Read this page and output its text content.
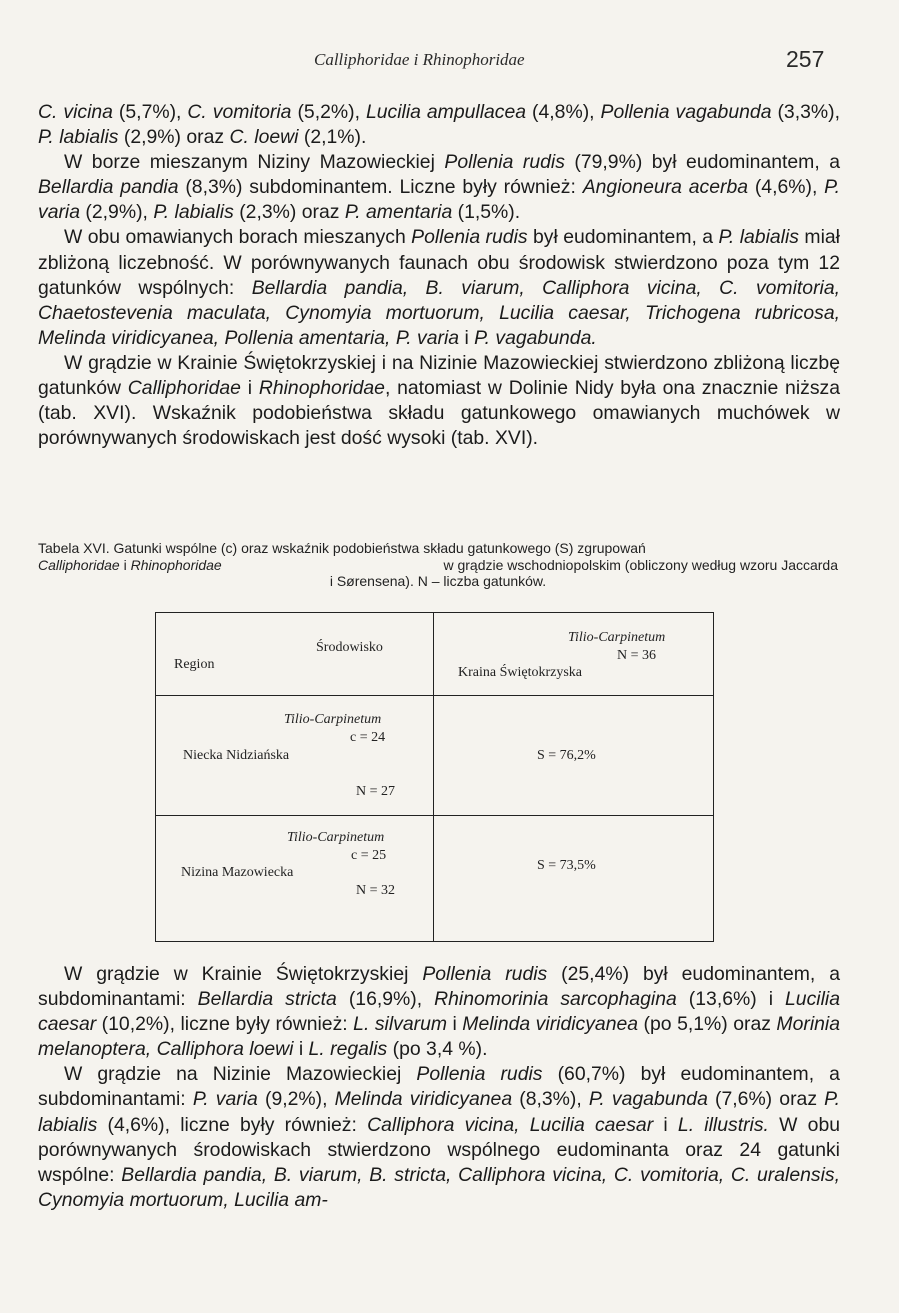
Calliphoridae i Rhinophoridae	257

C. vicina (5,7%), C. vomitoria (5,2%), Lucilia ampullacea (4,8%), Pollenia vagabunda (3,3%), P. labialis (2,9%) oraz C. loewi (2,1%).

W borze mieszanym Niziny Mazowieckiej Pollenia rudis (79,9%) był eudominantem, a Bellardia pandia (8,3%) subdominantem. Liczne były również: Angioneura acerba (4,6%), P. varia (2,9%), P. labialis (2,3%) oraz P. amentaria (1,5%).

W obu omawianych borach mieszanych Pollenia rudis był eudominantem, a P. labialis miał zbliżoną liczebność. W porównywanych faunach obu środowisk stwierdzono poza tym 12 gatunków wspólnych: Bellardia pandia, B. viarum, Calliphora vicina, C. vomitoria, Chaetostevenia maculata, Cynomyia mortuorum, Lucilia caesar, Trichogena rubricosa, Melinda viridicyanea, Pollenia amentaria, P. varia i P. vagabunda.

W grądzie w Krainie Świętokrzyskiej i na Nizinie Mazowieckiej stwierdzono zbliżoną liczbę gatunków Calliphoridae i Rhinophoridae, natomiast w Dolinie Nidy była ona znacznie niższa (tab. XVI). Wskaźnik podobieństwa składu gatunkowego omawianych muchówek w porównywanych środowiskach jest dość wysoki (tab. XVI).

Tabela XVI. Gatunki wspólne (c) oraz wskaźnik podobieństwa składu gatunkowego (S) zgrupowań
Calliphoridae i Rhinophoridae	w grądzie wschodniopolskim (obliczony według wzoru Jaccarda
i Sørensena). N – liczba gatunków.
Region
Środowisko
Tilio-Carpinetum
N = 36
Kraina Świętokrzyska
Tilio-Carpinetum
c = 24
Niecka Nidziańska
N = 27
S = 76,2%
Tilio-Carpinetum
c = 25
Nizina Mazowiecka
N = 32
S = 73,5%

W grądzie w Krainie Świętokrzyskiej Pollenia rudis (25,4%) był eudominantem, a subdominantami: Bellardia stricta (16,9%), Rhinomorinia sarcophagina (13,6%) i Lucilia caesar (10,2%), liczne były również: L. silvarum i Melinda viridicyanea (po 5,1%) oraz Morinia melanoptera, Calliphora loewi i L. regalis (po 3,4 %).

W grądzie na Nizinie Mazowieckiej Pollenia rudis (60,7%) był eudominantem, a subdominantami: P. varia (9,2%), Melinda viridicyanea (8,3%), P. vagabunda (7,6%) oraz P. labialis (4,6%), liczne były również: Calliphora vicina, Lucilia caesar i L. illustris. W obu porównywanych środowiskach stwierdzono wspólnego eudominanta oraz 24 gatunki wspólne: Bellardia pandia, B. viarum, B. stricta, Calliphora vicina, C. vomitoria, C. uralensis, Cynomyia mortuorum, Lucilia am-
